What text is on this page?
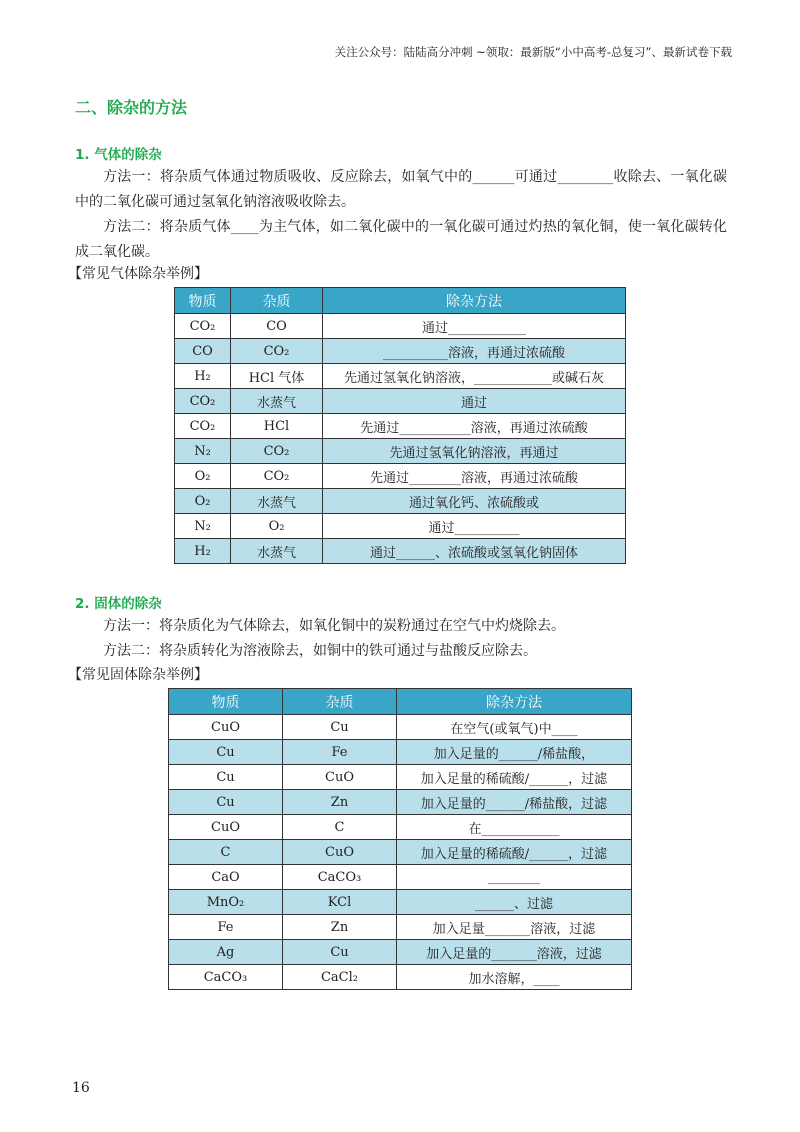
关注公众号：陆陆高分冲刺 ~领取：最新版“小中高考-总复习”、最新试卷下载
二、除杂的方法
1. 气体的除杂

方法一：将杂质气体通过物质吸收、反应除去，如氧气中的______可通过________收除去、一氧化碳中的二氧化碳可通过氢氧化钠溶液吸收除去。

方法二：将杂质气体____为主气体，如二氧化碳中的一氧化碳可通过灼热的氧化铜，使一氧化碳转化成二氧化碳。

【常见气体除杂举例】
物质	杂质	除杂方法
CO₂	CO	通过____________
CO	CO₂	__________溶液，再通过浓硫酸
H₂	HCl 气体	先通过氢氧化钠溶液，____________或碱石灰
CO₂	水蒸气	通过
CO₂	HCl	先通过___________溶液，再通过浓硫酸
N₂	CO₂	先通过氢氧化钠溶液，再通过
O₂	CO₂	先通过________溶液，再通过浓硫酸
O₂	水蒸气	通过氧化钙、浓硫酸或
N₂	O₂	通过__________
H₂	水蒸气	通过______、浓硫酸或氢氧化钠固体
2. 固体的除杂

方法一：将杂质化为气体除去，如氧化铜中的炭粉通过在空气中灼烧除去。

方法二：将杂质转化为溶液除去，如铜中的铁可通过与盐酸反应除去。

【常见固体除杂举例】
物质	杂质	除杂方法
CuO	Cu	在空气(或氧气)中____
Cu	Fe	加入足量的______/稀盐酸，
Cu	CuO	加入足量的稀硫酸/______，过滤
Cu	Zn	加入足量的______/稀盐酸，过滤
CuO	C	在____________
C	CuO	加入足量的稀硫酸/______，过滤
CaO	CaCO₃	________
MnO₂	KCl	______、过滤
Fe	Zn	加入足量_______溶液，过滤
Ag	Cu	加入足量的_______溶液，过滤
CaCO₃	CaCl₂	加水溶解，____
16
